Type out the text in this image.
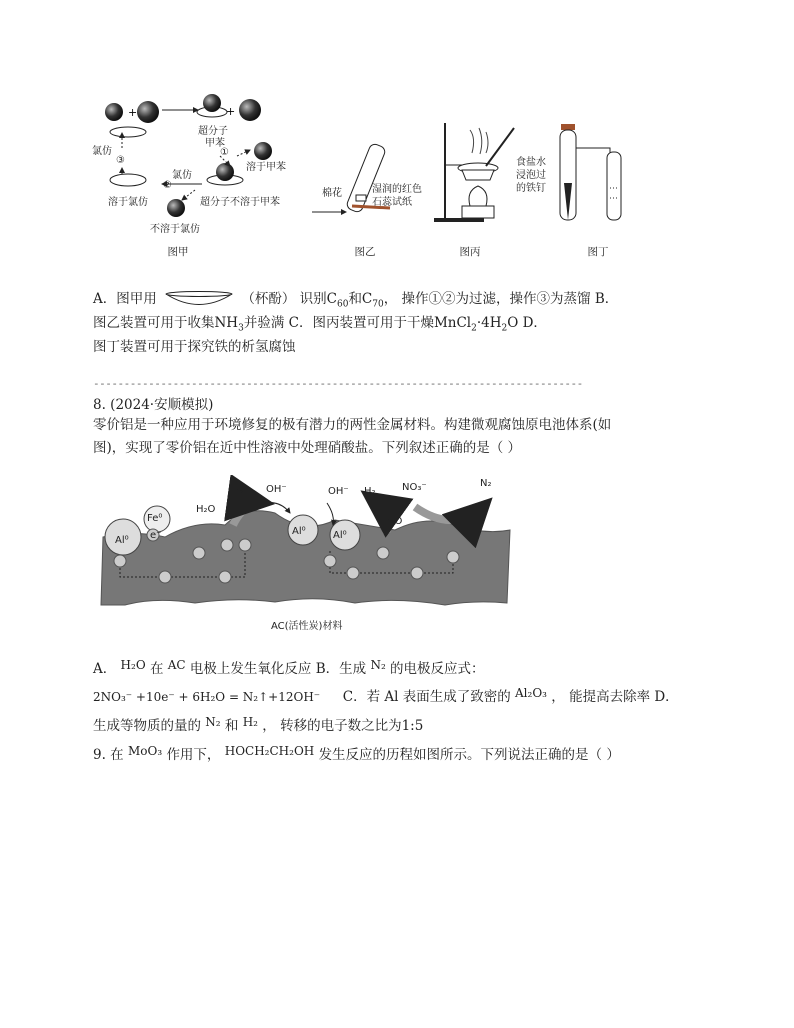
+	+
超分子
甲苯
氯仿
③
①
溶于甲苯
氯仿
②
溶于氯仿	超分子不溶于甲苯
不溶于氯仿
棉花	湿润的红色
石蕊试纸
食盐水
浸泡过
的铁钉
图甲	图乙	图丙	图丁
A．图甲用	（杯酚） 识别$C_{60}$和$C_{70}$， 操作①②为过滤，操作③为蒸馏 B．
图乙装置可用于收集$NH_3$并验满 C．图丙装置可用于干燥$MnCl_2\cdot 4H_2O$ D．
图丁装置可用于探究铁的析氢腐蚀
--------------------------------------------------------------------------------
8. (2024·安顺模拟)
零价铝是一种应用于环境修复的极有潜力的两性金属材料。构建微观腐蚀原电池体系(如
图)，实现了零价铝在近中性溶液中处理硝酸盐。下列叙述正确的是（ ）
H₂O
H₂ OH⁻	OH⁻ H₂	NO₃⁻	N₂
H₂O
Al⁰
Fe⁰
Al⁰	Al⁰
e⁻
AC(活性炭)材料
A． H₂O 在 AC 电极上发生氧化反应 B．生成 N₂ 的电极反应式：
2NO₃⁻ +10e⁻ + 6H₂O = N₂↑+12OH⁻ C．若 Al 表面生成了致密的 Al₂O₃ ， 能提高去除率 D．
生成等物质的量的 N₂ 和 H₂ ， 转移的电子数之比为1:5
9. 在 MoO₃ 作用下， HOCH₂CH₂OH 发生反应的历程如图所示。下列说法正确的是（ ）
